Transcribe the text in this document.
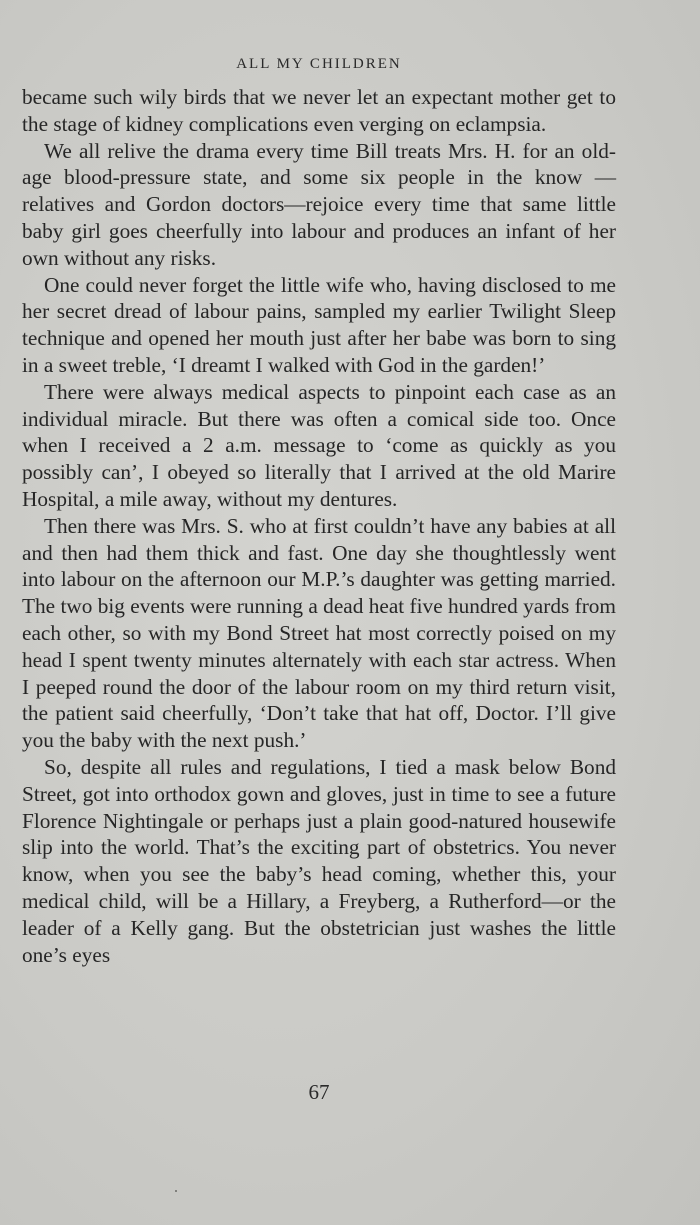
ALL MY CHILDREN

became such wily birds that we never let an expectant mother get to the stage of kidney complications even verging on eclampsia.

We all relive the drama every time Bill treats Mrs. H. for an old-age blood-pressure state, and some six people in the know —relatives and Gordon doctors—rejoice every time that same little baby girl goes cheerfully into labour and produces an infant of her own without any risks.

One could never forget the little wife who, having disclosed to me her secret dread of labour pains, sampled my earlier Twilight Sleep technique and opened her mouth just after her babe was born to sing in a sweet treble, ‘I dreamt I walked with God in the garden!’

There were always medical aspects to pinpoint each case as an individual miracle. But there was often a comical side too. Once when I received a 2 a.m. message to ‘come as quickly as you possibly can’, I obeyed so literally that I arrived at the old Marire Hospital, a mile away, without my dentures.

Then there was Mrs. S. who at first couldn’t have any babies at all and then had them thick and fast. One day she thoughtlessly went into labour on the afternoon our M.P.’s daughter was getting married. The two big events were running a dead heat five hundred yards from each other, so with my Bond Street hat most correctly poised on my head I spent twenty minutes alternately with each star actress. When I peeped round the door of the labour room on my third return visit, the patient said cheerfully, ‘Don’t take that hat off, Doctor. I’ll give you the baby with the next push.’

So, despite all rules and regulations, I tied a mask below Bond Street, got into orthodox gown and gloves, just in time to see a future Florence Nightingale or perhaps just a plain good-natured housewife slip into the world. That’s the exciting part of obstetrics. You never know, when you see the baby’s head coming, whether this, your medical child, will be a Hillary, a Freyberg, a Rutherford—or the leader of a Kelly gang. But the obstetrician just washes the little one’s eyes

67
